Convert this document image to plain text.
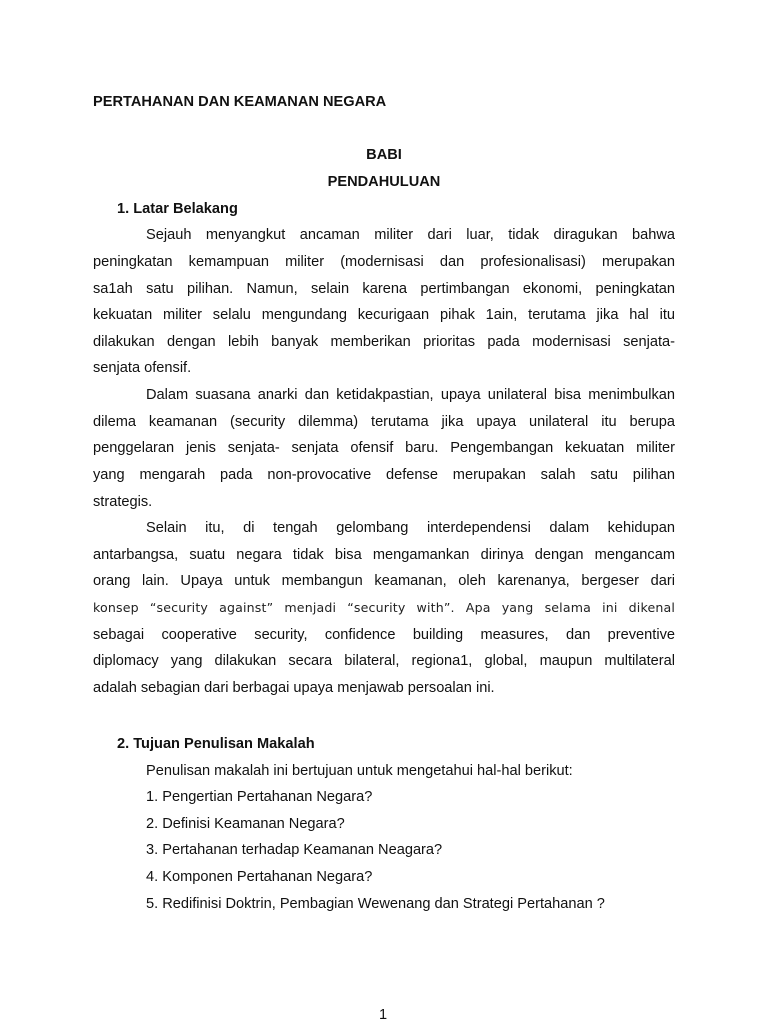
PERTAHANAN DAN KEAMANAN NEGARA
BABI
PENDAHULUAN
1. Latar Belakang
Sejauh menyangkut ancaman militer dari luar, tidak diragukan bahwa
peningkatan kemampuan militer (modernisasi dan profesionalisasi) merupakan
sa1ah satu pilihan. Namun, selain karena pertimbangan ekonomi, peningkatan
kekuatan militer selalu mengundang kecurigaan pihak 1ain, terutama jika hal itu
dilakukan dengan lebih banyak memberikan prioritas pada modernisasi senjata-
senjata ofensif.
Dalam suasana anarki dan ketidakpastian, upaya unilateral bisa menimbulkan
dilema keamanan (security dilemma) terutama jika upaya unilateral itu berupa
penggelaran jenis senjata- senjata ofensif baru. Pengembangan kekuatan militer
yang mengarah pada non-provocative defense merupakan salah satu pilihan
strategis.
Selain itu, di tengah gelombang interdependensi dalam kehidupan
antarbangsa, suatu negara tidak bisa mengamankan dirinya dengan mengancam
orang lain. Upaya untuk membangun keamanan, oleh karenanya, bergeser dari
konsep “security against” menjadi “security with”. Apa yang selama ini dikenal
sebagai cooperative security, confidence building measures, dan preventive
diplomacy yang dilakukan secara bilateral, regiona1, global, maupun multilateral
adalah sebagian dari berbagai upaya menjawab persoalan ini.
2. Tujuan Penulisan Makalah
Penulisan makalah ini bertujuan untuk mengetahui hal-hal berikut:
1. Pengertian Pertahanan Negara?
2. Definisi Keamanan Negara?
3. Pertahanan terhadap Keamanan Neagara?
4. Komponen Pertahanan Negara?
5. Redifinisi Doktrin, Pembagian Wewenang dan Strategi Pertahanan ?
1
